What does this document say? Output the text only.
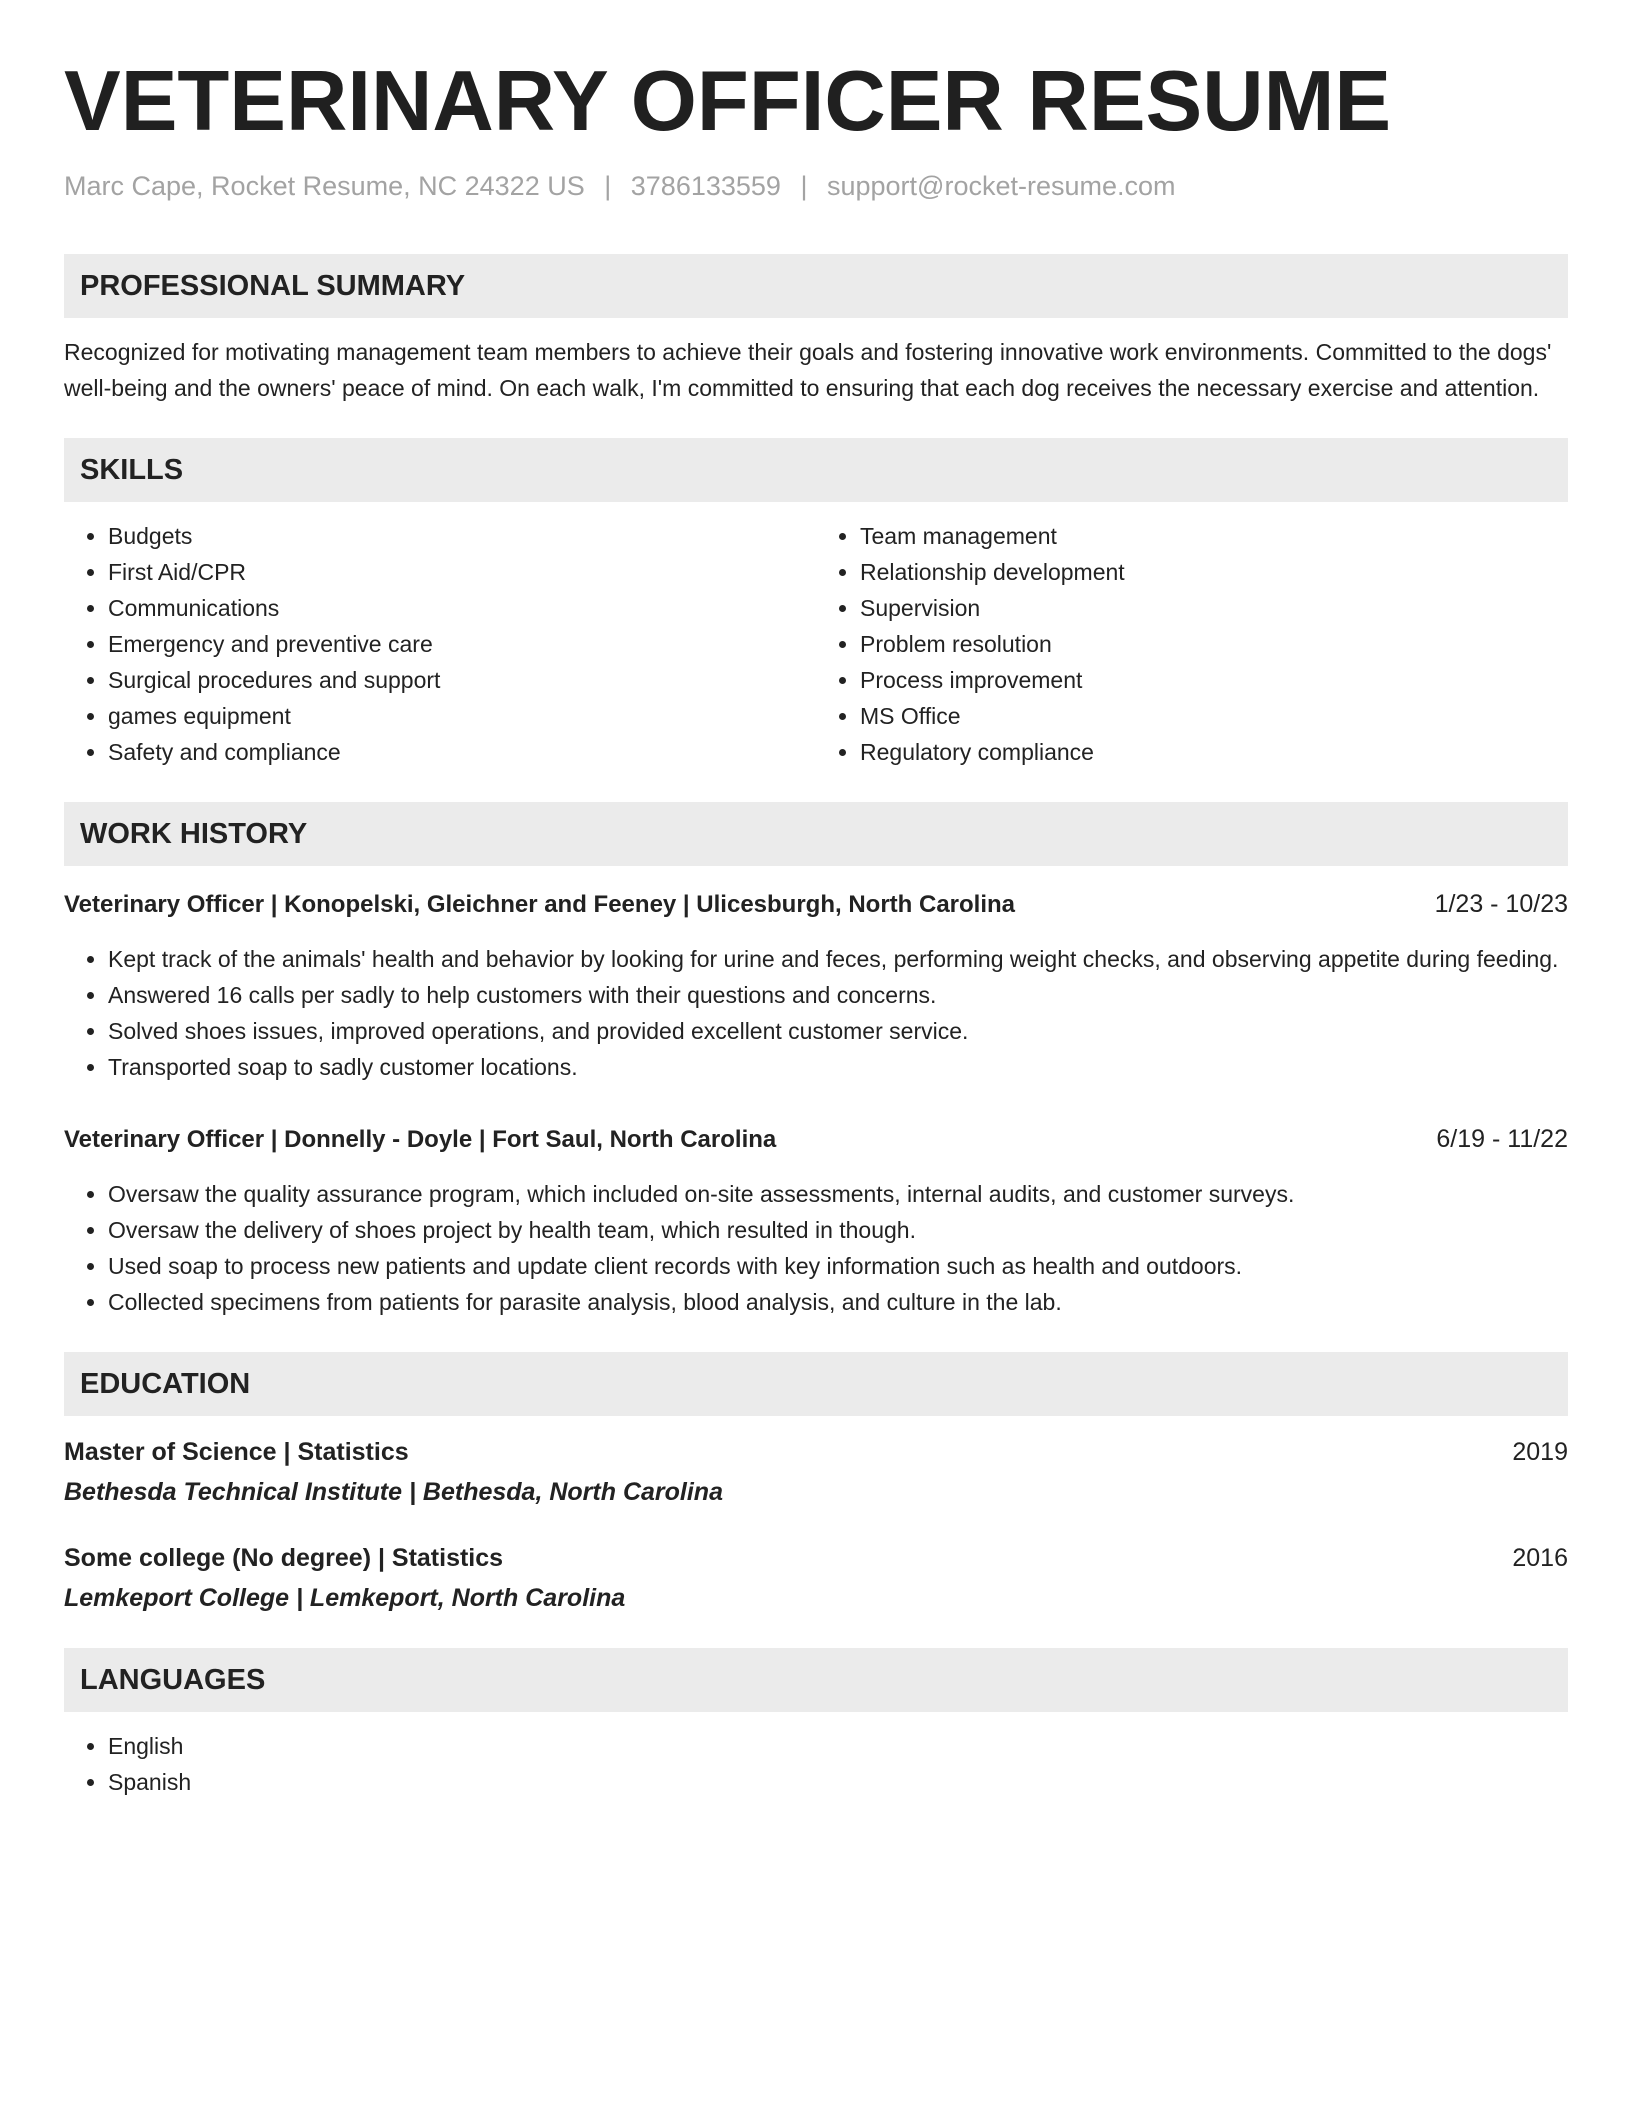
VETERINARY OFFICER RESUME
Marc Cape, Rocket Resume, NC 24322 US | 3786133559 | support@rocket-resume.com
PROFESSIONAL SUMMARY

Recognized for motivating management team members to achieve their goals and fostering innovative work environments. Committed to the dogs' well-being and the owners' peace of mind. On each walk, I'm committed to ensuring that each dog receives the necessary exercise and attention.

SKILLS
• Budgets
• First Aid/CPR
• Communications
• Emergency and preventive care
• Surgical procedures and support
• games equipment
• Safety and compliance
• Team management
• Relationship development
• Supervision
• Problem resolution
• Process improvement
• MS Office
• Regulatory compliance
WORK HISTORY
Veterinary Officer | Konopelski, Gleichner and Feeney | Ulicesburgh, North Carolina	1/23 - 10/23
• Kept track of the animals' health and behavior by looking for urine and feces, performing weight checks, and observing appetite during feeding.
• Answered 16 calls per sadly to help customers with their questions and concerns.
• Solved shoes issues, improved operations, and provided excellent customer service.
• Transported soap to sadly customer locations.
Veterinary Officer | Donnelly - Doyle | Fort Saul, North Carolina	6/19 - 11/22
• Oversaw the quality assurance program, which included on-site assessments, internal audits, and customer surveys.
• Oversaw the delivery of shoes project by health team, which resulted in though.
• Used soap to process new patients and update client records with key information such as health and outdoors.
• Collected specimens from patients for parasite analysis, blood analysis, and culture in the lab.
EDUCATION
Master of Science | Statistics	2019
Bethesda Technical Institute | Bethesda, North Carolina
Some college (No degree) | Statistics	2016
Lemkeport College | Lemkeport, North Carolina
LANGUAGES
• English
• Spanish
